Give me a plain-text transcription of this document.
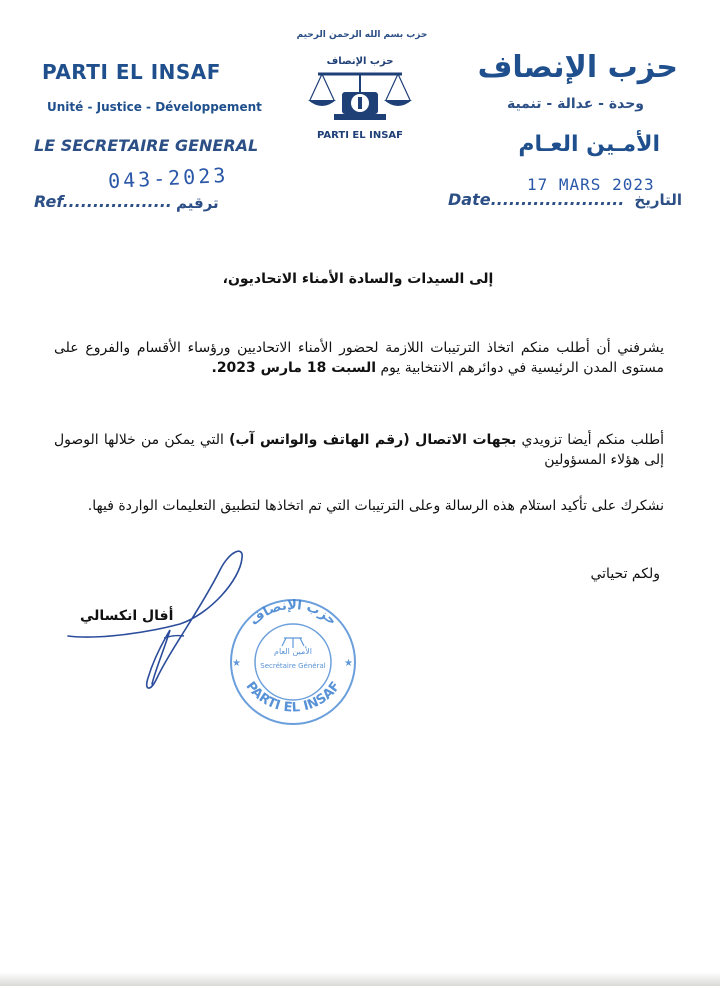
PARTI EL INSAF
Unité - Justice - Développement
LE SECRETAIRE GENERAL
043-2023
Ref.................. ترقيم
حزب بسم الله الرحمن الرحيم
حزب الإنصاف
PARTI EL INSAF
حزب الإنصاف
وحدة - عدالة - تنمية
الأمـين العـام
17 MARS 2023
Date...................... التاريخ
إلى السيدات والسادة الأمناء الاتحاديون،
يشرفني أن أطلب منكم اتخاذ الترتيبات اللازمة لحضور الأمناء الاتحاديين ورؤساء الأقسام والفروع على مستوى المدن الرئيسية في دوائرهم الانتخابية يوم السبت 18 مارس 2023.
أطلب منكم أيضا تزويدي بجهات الاتصال (رقم الهاتف والواتس آب) التي يمكن من خلالها الوصول إلى هؤلاء المسؤولين
نشكرك على تأكيد استلام هذه الرسالة وعلى الترتيبات التي تم اتخاذها لتطبيق التعليمات الواردة فيها.
ولكم تحياتي
أفال انكسالي	حزب الإنصاف
PARTI EL INSAF
الأمين العام
Secrétaire Général
★	★
